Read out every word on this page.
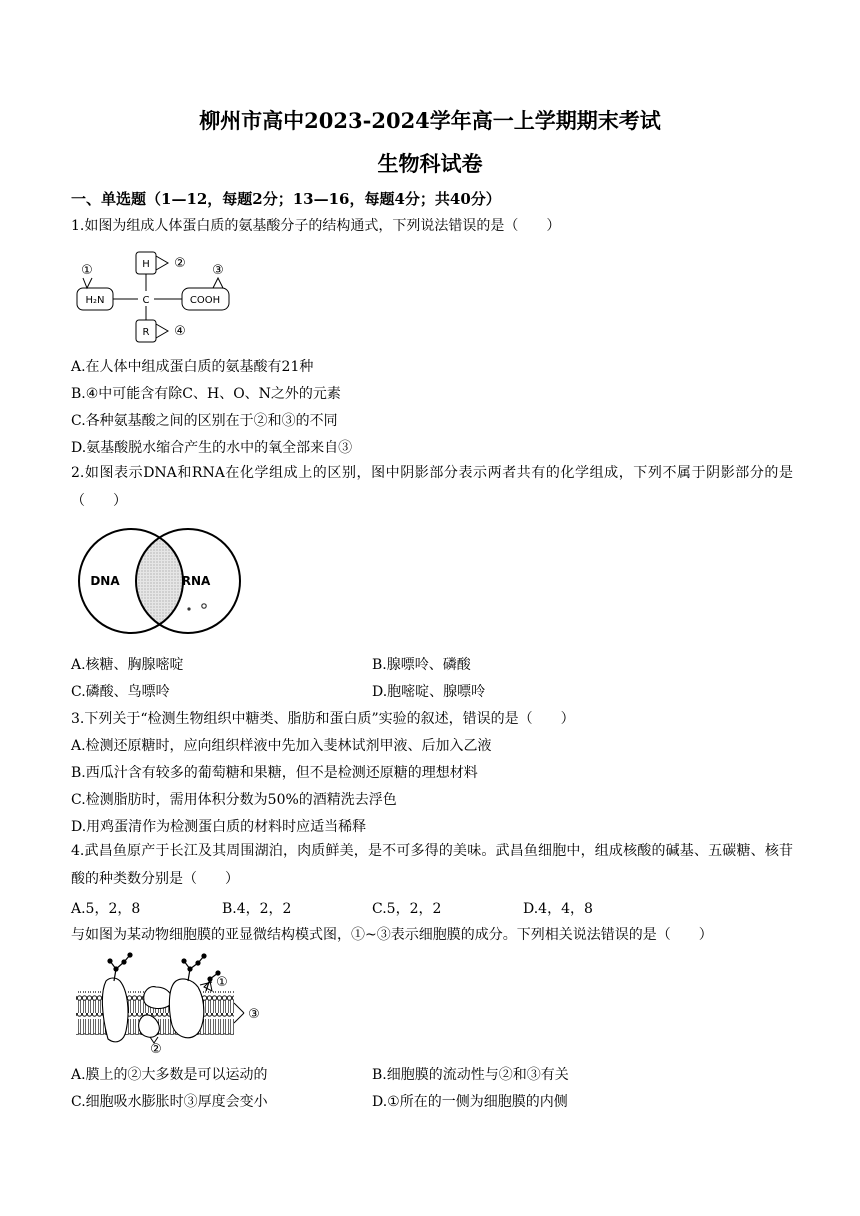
柳州市高中2023-2024学年高一上学期期末考试
生物科试卷
一、单选题（1—12，每题2分；13—16，每题4分；共40分）
1.如图为组成人体蛋白质的氨基酸分子的结构通式，下列说法错误的是（　　）
H₂N
①
C
H ②
COOH
③
R ④
A.在人体中组成蛋白质的氨基酸有21种
B.④中可能含有除C、H、O、N之外的元素
C.各种氨基酸之间的区别在于②和③的不同
D.氨基酸脱水缩合产生的水中的氧全部来自③
2.如图表示DNA和RNA在化学组成上的区别，图中阴影部分表示两者共有的化学组成，下列不属于阴影部分的是（　　）
DNA	RNA
A.核糖、胸腺嘧啶	B.腺嘌呤、磷酸
C.磷酸、鸟嘌呤	D.胞嘧啶、腺嘌呤
3.下列关于“检测生物组织中糖类、脂肪和蛋白质”实验的叙述，错误的是（　　）
A.检测还原糖时，应向组织样液中先加入斐林试剂甲液、后加入乙液
B.西瓜汁含有较多的葡萄糖和果糖，但不是检测还原糖的理想材料
C.检测脂肪时，需用体积分数为50%的酒精洗去浮色
D.用鸡蛋清作为检测蛋白质的材料时应适当稀释
4.武昌鱼原产于长江及其周围湖泊，肉质鲜美，是不可多得的美味。武昌鱼细胞中，组成核酸的碱基、五碳糖、核苷酸的种类数分别是（　　）
A.5，2，8	B.4，2，2	C.5，2，2	D.4，4，8
与如图为某动物细胞膜的亚显微结构模式图，①~③表示细胞膜的成分。下列相关说法错误的是（　　）
①
③
②
A.膜上的②大多数是可以运动的	B.细胞膜的流动性与②和③有关
C.细胞吸水膨胀时③厚度会变小	D.①所在的一侧为细胞膜的内侧
